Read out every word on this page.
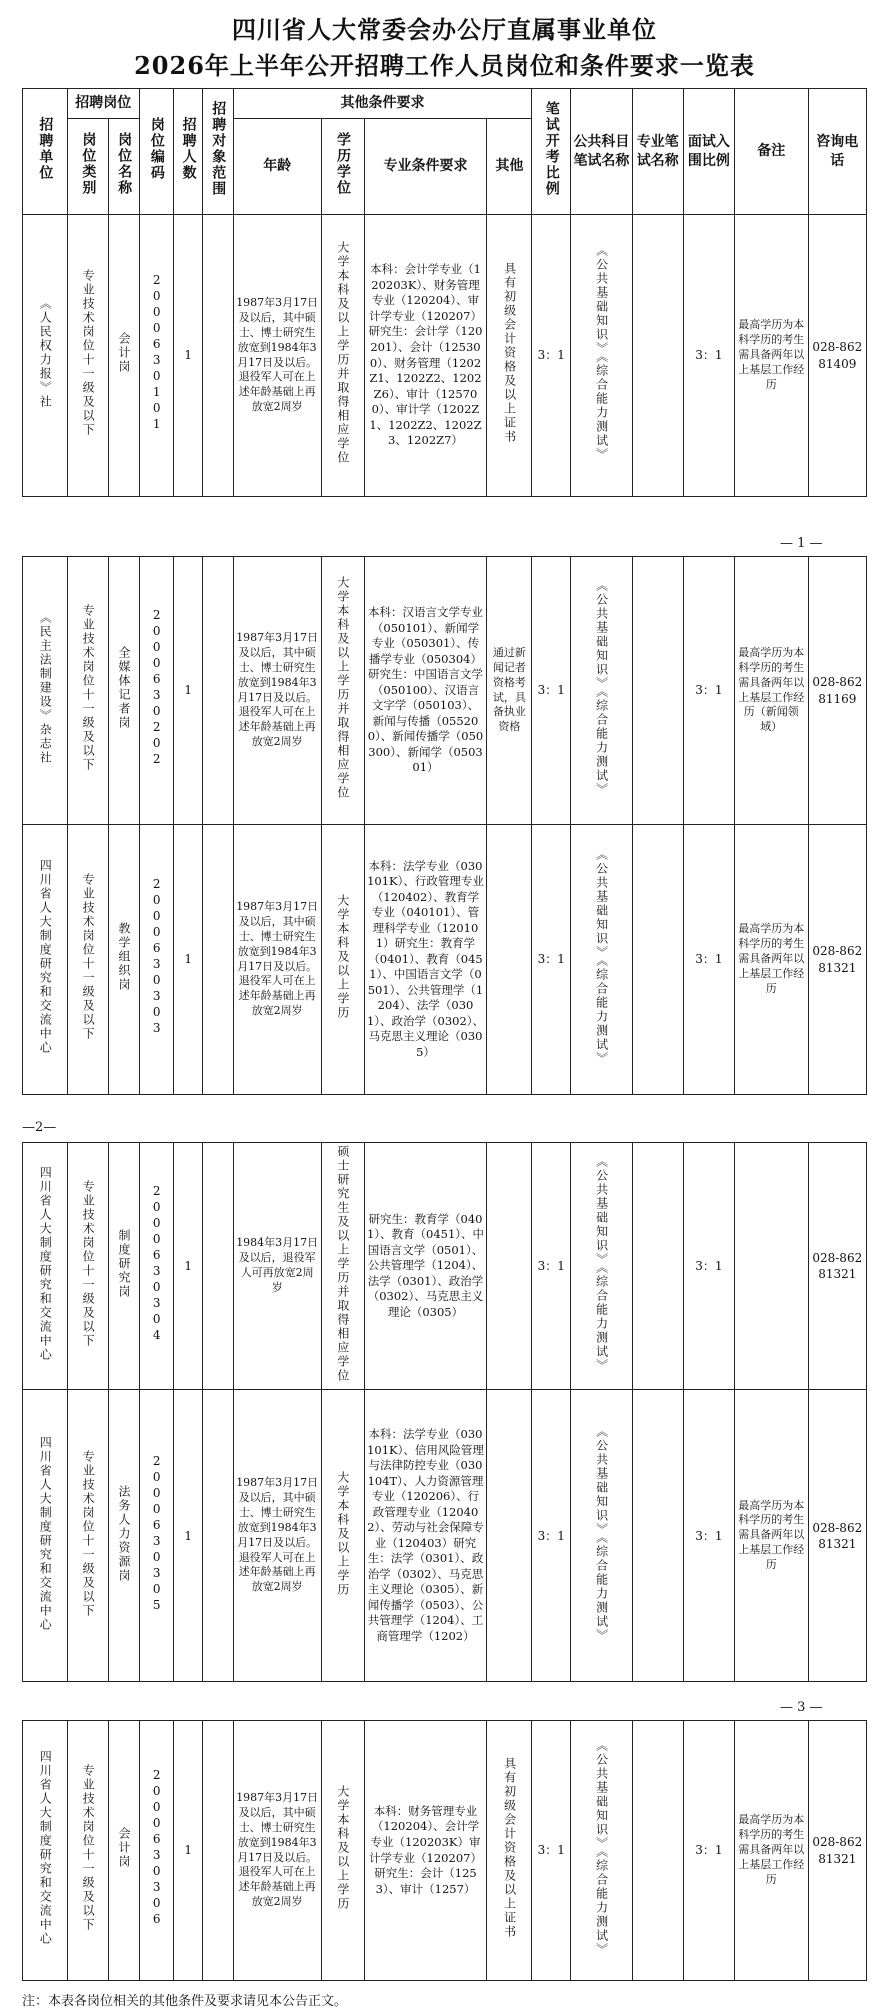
四川省人大常委会办公厅直属事业单位
2026年上半年公开招聘工作人员岗位和条件要求一览表
招聘单位	招聘岗位		岗位编码	招聘人数	招聘对象范围	其他条件要求				笔试开考比例	公共科目笔试名称	专业笔试名称	面试入围比例	备注	咨询电话
	岗位类别	岗位名称				年龄	学历学位	专业条件要求	其他						

《人民权力报》社	专业技术岗位十一级及以下	会计岗	2000630101	1		1987年3月17日及以后，其中硕士、博士研究生放宽到1984年3月17日及以后。退役军人可在上述年龄基础上再放宽2周岁	大学本科及以上学历并取得相应学位	本科：会计学专业（120203K）、财务管理专业（120204）、审计学专业（120207）研究生：会计学（120201）、会计（125300）、财务管理（1202Z1、1202Z2、1202Z6）、审计（125700）、审计学（1202Z1、1202Z2、1202Z3、1202Z7）	具有初级会计资格及以上证书	3：1	《公共基础知识》《综合能力测试》		3：1	最高学历为本科学历的考生需具备两年以上基层工作经历	028-86281409
— 1 —
《民主法制建设》杂志社	专业技术岗位十一级及以下	全媒体记者岗	2000630202	1		1987年3月17日及以后，其中硕士、博士研究生放宽到1984年3月17日及以后。退役军人可在上述年龄基础上再放宽2周岁	大学本科及以上学历并取得相应学位	本科：汉语言文学专业（050101）、新闻学专业（050301）、传播学专业（050304）研究生：中国语言文学（050100）、汉语言文字学（050103）、新闻与传播（055200）、新闻传播学（050300）、新闻学（050301）	通过新闻记者资格考试，具备执业资格	3：1	《公共基础知识》《综合能力测试》		3：1	最高学历为本科学历的考生需具备两年以上基层工作经历（新闻领域）	028-86281169
四川省人大制度研究和交流中心	专业技术岗位十一级及以下	教学组织岗	2000630303	1		1987年3月17日及以后，其中硕士、博士研究生放宽到1984年3月17日及以后。退役军人可在上述年龄基础上再放宽2周岁	大学本科及以上学历	本科：法学专业（030101K）、行政管理专业（120402）、教育学专业（040101）、管理科学专业（120101）研究生：教育学（0401）、教育（0451）、中国语言文学（0501）、公共管理学（1204）、法学（0301）、政治学（0302）、马克思主义理论（0305）		3：1	《公共基础知识》《综合能力测试》		3：1	最高学历为本科学历的考生需具备两年以上基层工作经历	028-86281321
—2—
四川省人大制度研究和交流中心	专业技术岗位十一级及以下	制度研究岗	2000630304	1		1984年3月17日及以后，退役军人可再放宽2周岁	硕士研究生及以上学历并取得相应学位	研究生：教育学（0401）、教育（0451）、中国语言文学（0501）、公共管理学（1204）、法学（0301）、政治学（0302）、马克思主义理论（0305）		3：1	《公共基础知识》《综合能力测试》		3：1		028-86281321
四川省人大制度研究和交流中心	专业技术岗位十一级及以下	法务人力资源岗	2000630305	1		1987年3月17日及以后，其中硕士、博士研究生放宽到1984年3月17日及以后。退役军人可在上述年龄基础上再放宽2周岁	大学本科及以上学历	本科：法学专业（030101K）、信用风险管理与法律防控专业（030104T）、人力资源管理专业（120206）、行政管理专业（120402）、劳动与社会保障专业（120403）研究生：法学（0301）、政治学（0302）、马克思主义理论（0305）、新闻传播学（0503）、公共管理学（1204）、工商管理学（1202）		3：1	《公共基础知识》《综合能力测试》		3：1	最高学历为本科学历的考生需具备两年以上基层工作经历	028-86281321
— 3 —
四川省人大制度研究和交流中心	专业技术岗位十一级及以下	会计岗	2000630306	1		1987年3月17日及以后，其中硕士、博士研究生放宽到1984年3月17日及以后。退役军人可在上述年龄基础上再放宽2周岁	大学本科及以上学历	本科：财务管理专业（120204）、会计学专业（120203K）审计学专业（120207）研究生：会计（1253）、审计（1257）	具有初级会计资格及以上证书	3：1	《公共基础知识》《综合能力测试》		3：1	最高学历为本科学历的考生需具备两年以上基层工作经历	028-86281321
注：本表各岗位相关的其他条件及要求请见本公告正文。
